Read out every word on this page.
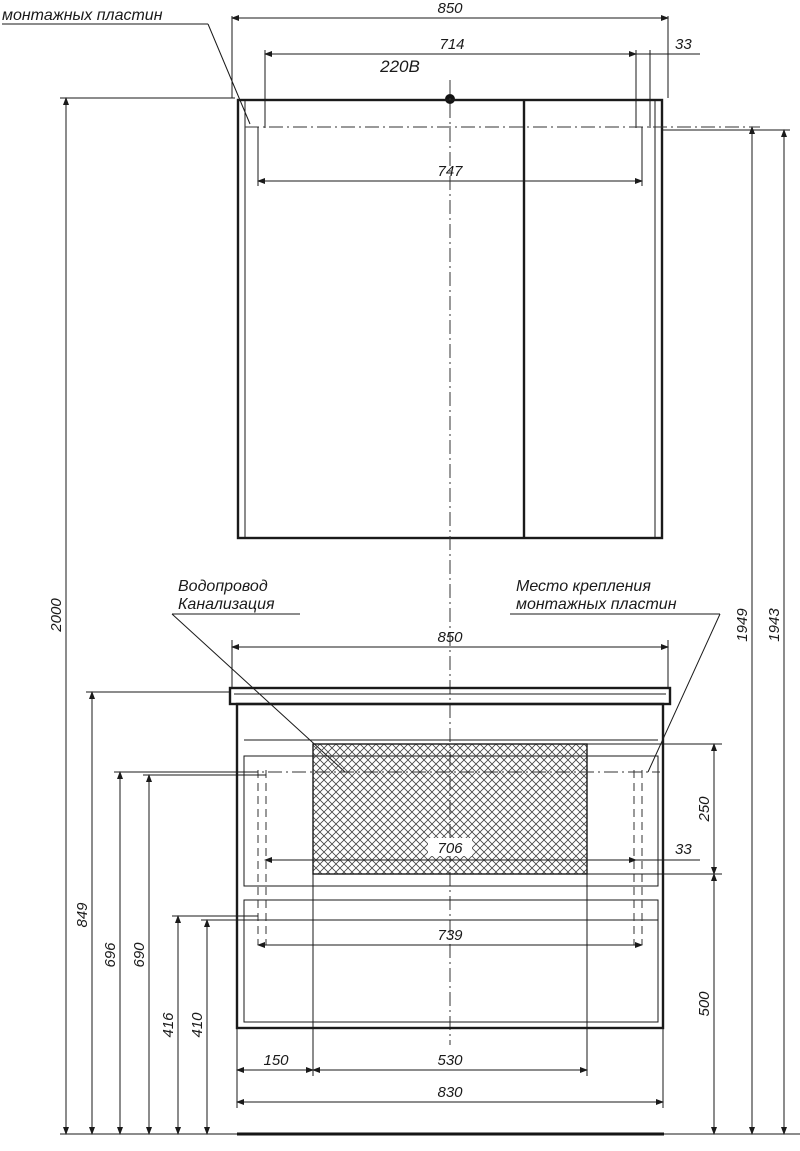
850
714	33
220В
747
монтажных пластин
Водопровод
Канализация
Место крепления
монтажных пластин
850
706	33
739
150	530
830
2000
849
696 690
416 410
250
500
1949 1943
